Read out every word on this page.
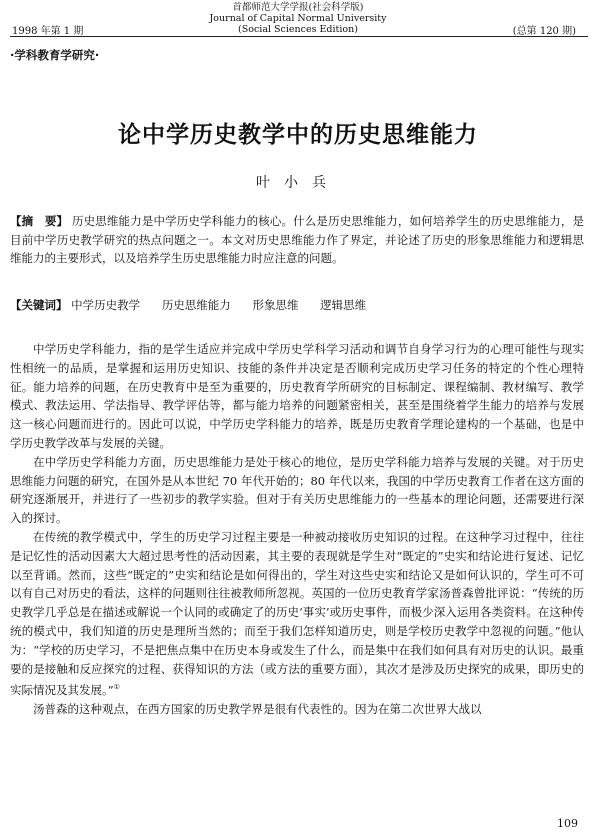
首都师范大学学报(社会科学版)
Journal of Capital Normal University
1998 年第 1 期	(Social Sciences Edition)	(总第 120 期)
·学科教育学研究·
论中学历史教学中的历史思维能力
叶小兵
【摘　要】 历史思维能力是中学历史学科能力的核心。什么是历史思维能力，如何培养学生的历史思维能力，是目前中学历史教学研究的热点问题之一。本文对历史思维能力作了界定，并论述了历史的形象思维能力和逻辑思维能力的主要形式，以及培养学生历史思维能力时应注意的问题。
【关键词】 中学历史教学 历史思维能力 形象思维 逻辑思维

中学历史学科能力，指的是学生适应并完成中学历史学科学习活动和调节自身学习行为的心理可能性与现实性相统一的品质，是掌握和运用历史知识、技能的条件并决定是否顺利完成历史学习任务的特定的个性心理特征。能力培养的问题，在历史教育中是至为重要的，历史教育学所研究的目标制定、课程编制、教材编写、教学模式、教法运用、学法指导、教学评估等，都与能力培养的问题紧密相关，甚至是围绕着学生能力的培养与发展这一核心问题而进行的。因此可以说，中学历史学科能力的培养，既是历史教育学理论建构的一个基础，也是中学历史教学改革与发展的关键。

在中学历史学科能力方面，历史思维能力是处于核心的地位，是历史学科能力培养与发展的关键。对于历史思维能力问题的研究，在国外是从本世纪 70 年代开始的；80 年代以来，我国的中学历史教育工作者在这方面的研究逐渐展开，并进行了一些初步的教学实验。但对于有关历史思维能力的一些基本的理论问题，还需要进行深入的探讨。

在传统的教学模式中，学生的历史学习过程主要是一种被动接收历史知识的过程。在这种学习过程中，往往是记忆性的活动因素大大超过思考性的活动因素，其主要的表现就是学生对“既定的”史实和结论进行复述、记忆以至背诵。然而，这些“既定的”史实和结论是如何得出的，学生对这些史实和结论又是如何认识的，学生可不可以有自己对历史的看法，这样的问题则往往被教师所忽视。英国的一位历史教育学家汤普森曾批评说：“传统的历史教学几乎总是在描述或解说一个认同的或确定了的历史‘事实’或历史事件，而极少深入运用各类资料。在这种传统的模式中，我们知道的历史是理所当然的；而至于我们怎样知道历史，则是学校历史教学中忽视的问题。”他认为：“学校的历史学习，不是把焦点集中在历史本身或发生了什么，而是集中在我们如何具有对历史的认识。最重要的是接触和反应探究的过程、获得知识的方法（或方法的重要方面），其次才是涉及历史探究的成果，即历史的实际情况及其发展。”①

汤普森的这种观点，在西方国家的历史教学界是很有代表性的。因为在第二次世界大战以

109
